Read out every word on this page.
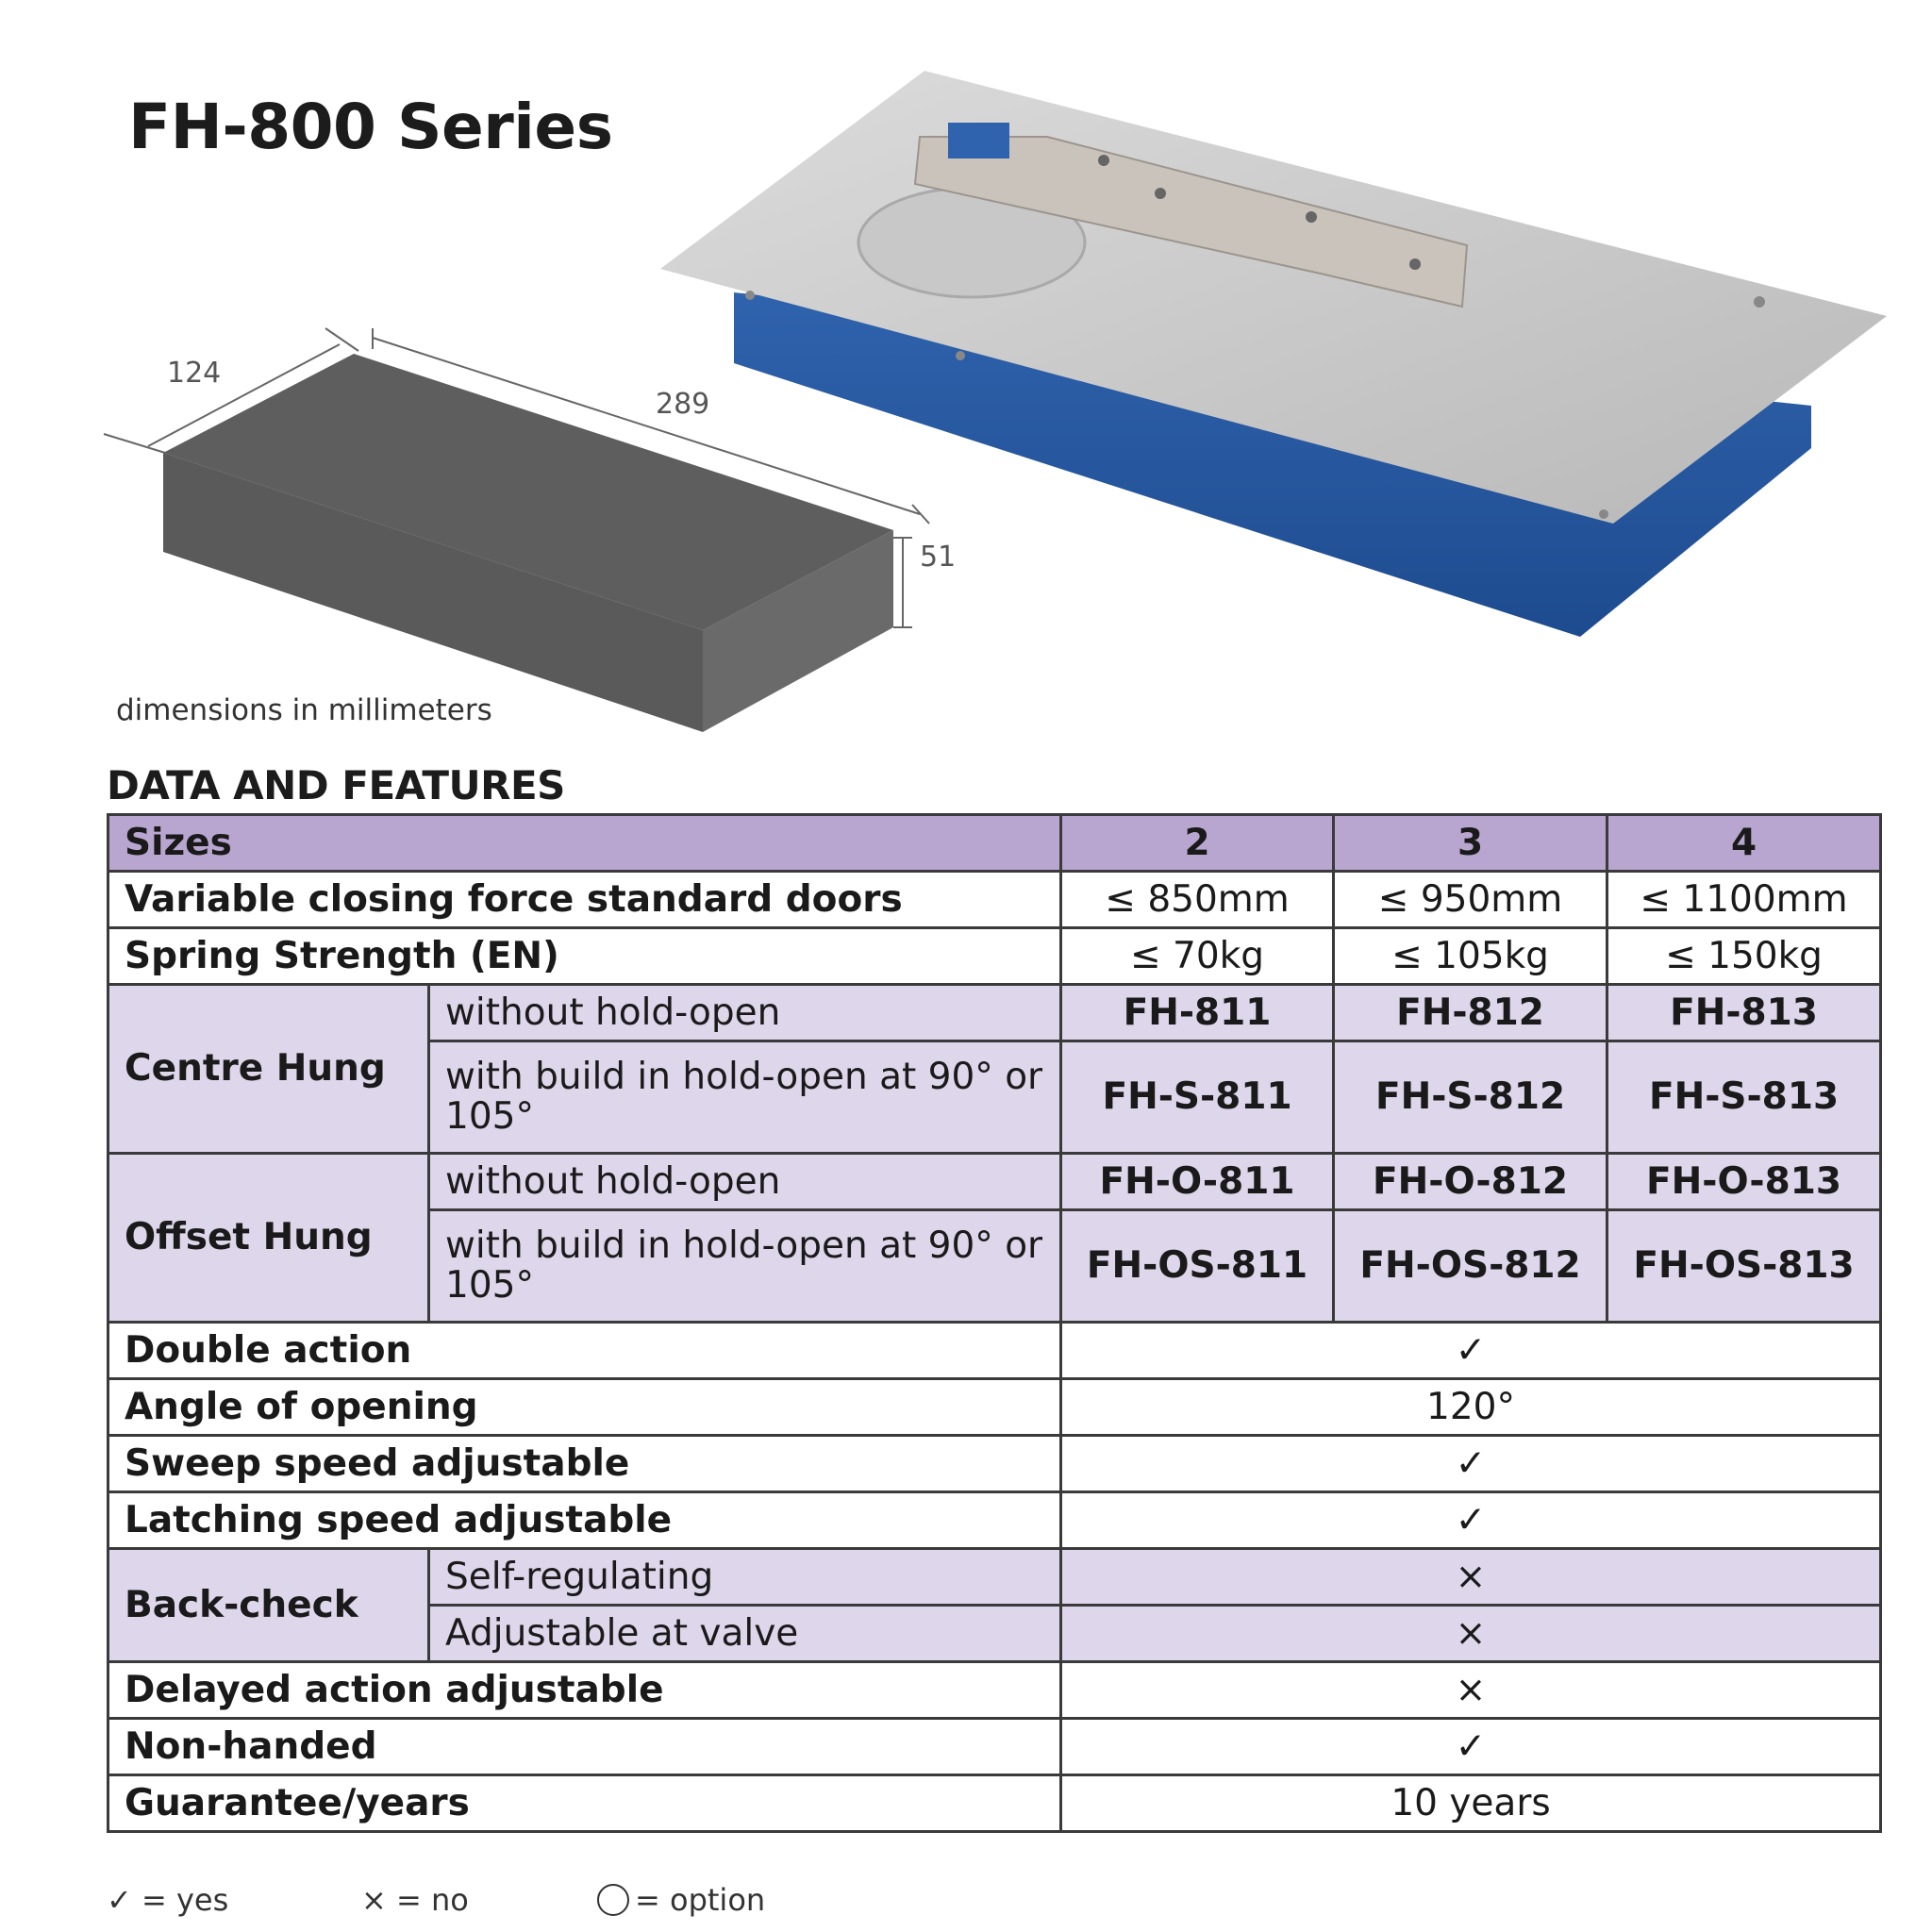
FH-800 Series
124
289
51
dimensions in millimeters
DATA AND FEATURES
Sizes		2	3	4
Variable closing force standard doors		≤ 850mm	≤ 950mm	≤ 1100mm
Spring Strength (EN)		≤ 70kg	≤ 105kg	≤ 150kg
Centre Hung	without hold-open	FH-811	FH-812	FH-813
	with build in hold-open at 90° or 105°	FH-S-811	FH-S-812	FH-S-813
Offset Hung	without hold-open	FH-O-811	FH-O-812	FH-O-813
	with build in hold-open at 90° or 105°	FH-OS-811	FH-OS-812	FH-OS-813
Double action		✓		
Angle of opening		120°		
Sweep speed adjustable		✓		
Latching speed adjustable		✓		
Back-check	Self-regulating	×		
	Adjustable at valve	×		
Delayed action adjustable		×		
Non-handed		✓		
Guarantee/years		10 years		
✓ = yes	× = no	= option
